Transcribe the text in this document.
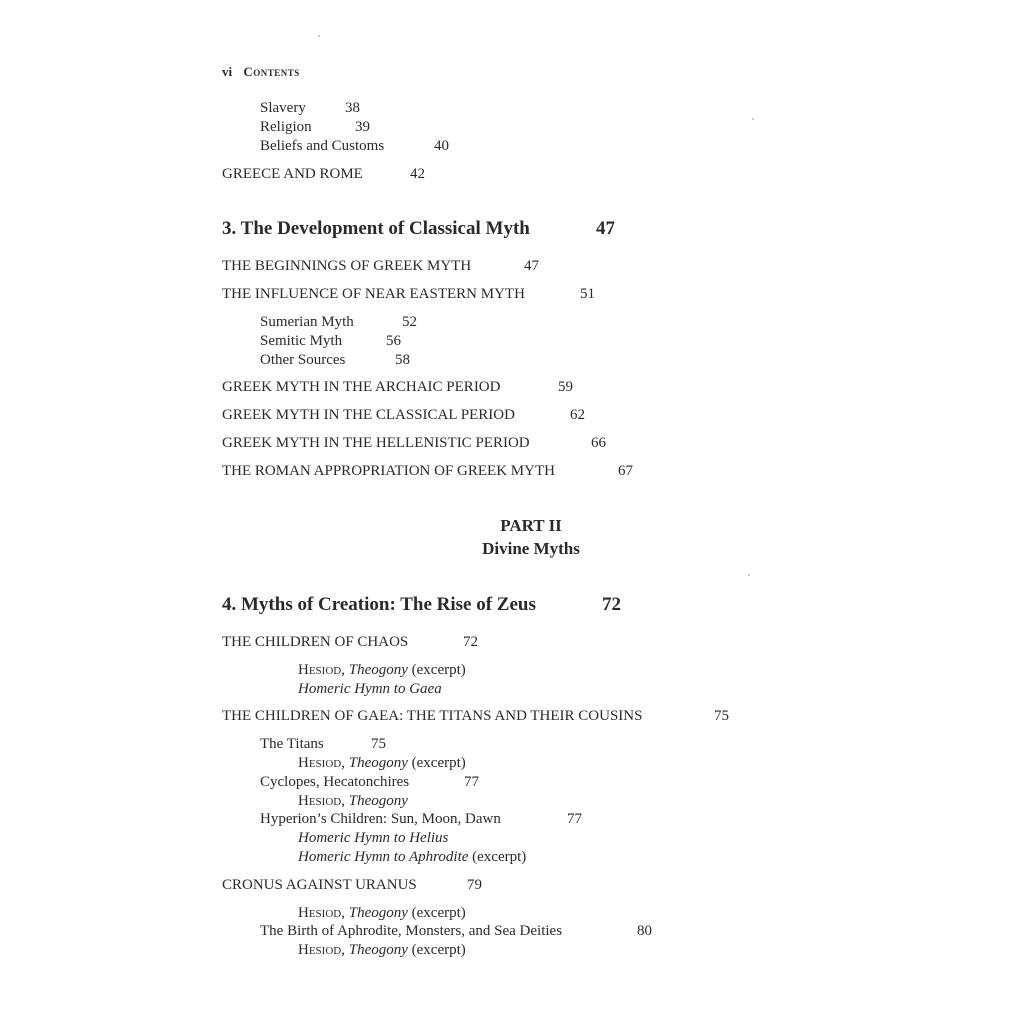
vi Contents
Slavery	38
Religion	39
Beliefs and Customs	40
GREECE AND ROME	42
3. The Development of Classical Myth	47
THE BEGINNINGS OF GREEK MYTH	47
THE INFLUENCE OF NEAR EASTERN MYTH	51
Sumerian Myth	52
Semitic Myth	56
Other Sources	58
GREEK MYTH IN THE ARCHAIC PERIOD	59
GREEK MYTH IN THE CLASSICAL PERIOD	62
GREEK MYTH IN THE HELLENISTIC PERIOD	66
THE ROMAN APPROPRIATION OF GREEK MYTH	67
PART II
Divine Myths
4. Myths of Creation: The Rise of Zeus	72
THE CHILDREN OF CHAOS	72
Hesiod, Theogony (excerpt)
Homeric Hymn to Gaea
THE CHILDREN OF GAEA: THE TITANS AND THEIR COUSINS	75
The Titans	75
Hesiod, Theogony (excerpt)
Cyclopes, Hecatonchires	77
Hesiod, Theogony
Hyperion’s Children: Sun, Moon, Dawn	77
Homeric Hymn to Helius
Homeric Hymn to Aphrodite (excerpt)
CRONUS AGAINST URANUS	79
Hesiod, Theogony (excerpt)
The Birth of Aphrodite, Monsters, and Sea Deities	80
Hesiod, Theogony (excerpt)
